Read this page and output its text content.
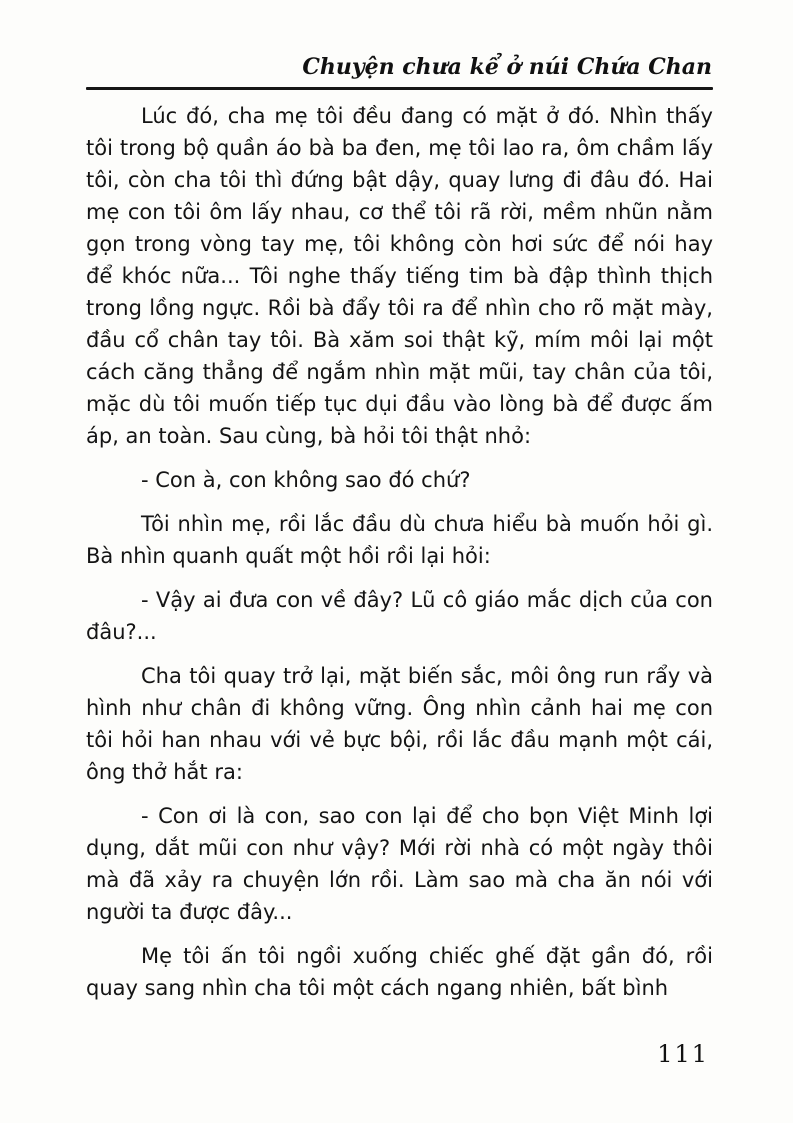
Chuyện chưa kể ở núi Chứa Chan

Lúc đó, cha mẹ tôi đều đang có mặt ở đó. Nhìn thấy tôi trong bộ quần áo bà ba đen, mẹ tôi lao ra, ôm chầm lấy tôi, còn cha tôi thì đứng bật dậy, quay lưng đi đâu đó. Hai mẹ con tôi ôm lấy nhau, cơ thể tôi rã rời, mềm nhũn nằm gọn trong vòng tay mẹ, tôi không còn hơi sức để nói hay để khóc nữa... Tôi nghe thấy tiếng tim bà đập thình thịch trong lồng ngực. Rồi bà đẩy tôi ra để nhìn cho rõ mặt mày, đầu cổ chân tay tôi. Bà xăm soi thật kỹ, mím môi lại một cách căng thẳng để ngắm nhìn mặt mũi, tay chân của tôi, mặc dù tôi muốn tiếp tục dụi đầu vào lòng bà để được ấm áp, an toàn. Sau cùng, bà hỏi tôi thật nhỏ:

- Con à, con không sao đó chứ?

Tôi nhìn mẹ, rồi lắc đầu dù chưa hiểu bà muốn hỏi gì. Bà nhìn quanh quất một hồi rồi lại hỏi:

- Vậy ai đưa con về đây? Lũ cô giáo mắc dịch của con đâu?...

Cha tôi quay trở lại, mặt biến sắc, môi ông run rẩy và hình như chân đi không vững. Ông nhìn cảnh hai mẹ con tôi hỏi han nhau với vẻ bực bội, rồi lắc đầu mạnh một cái, ông thở hắt ra:

- Con ơi là con, sao con lại để cho bọn Việt Minh lợi dụng, dắt mũi con như vậy? Mới rời nhà có một ngày thôi mà đã xảy ra chuyện lớn rồi. Làm sao mà cha ăn nói với người ta được đây...

Mẹ tôi ấn tôi ngồi xuống chiếc ghế đặt gần đó, rồi quay sang nhìn cha tôi một cách ngang nhiên, bất bình

111
